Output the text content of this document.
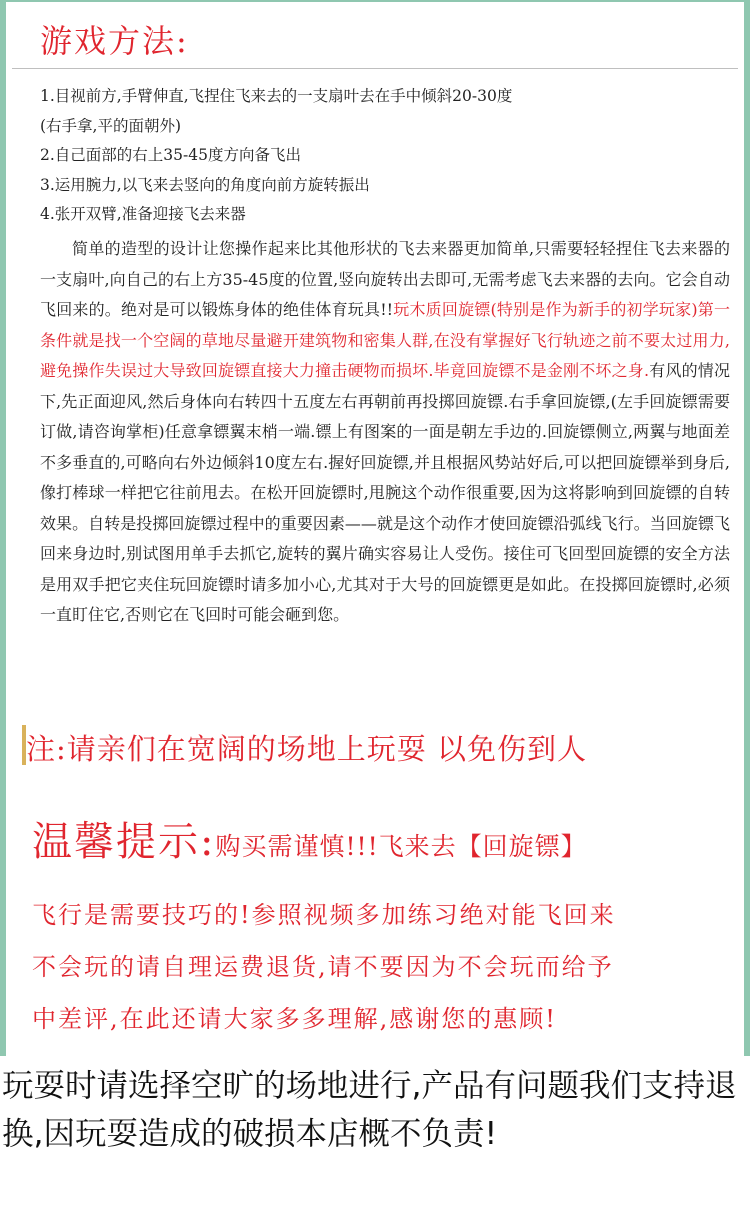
游戏方法:
1.目视前方,手臂伸直,飞捏住飞来去的一支扇叶去在手中倾斜20-30度
(右手拿,平的面朝外)
2.自己面部的右上35-45度方向备飞出
3.运用腕力,以飞来去竖向的角度向前方旋转振出
4.张开双臂,准备迎接飞去来器

简单的造型的设计让您操作起来比其他形状的飞去来器更加简单,只需要轻轻捏住飞去来器的一支扇叶,向自己的右上方35-45度的位置,竖向旋转出去即可,无需考虑飞去来器的去向。它会自动飞回来的。绝对是可以锻炼身体的绝佳体育玩具!!玩木质回旋镖(特别是作为新手的初学玩家)第一条件就是找一个空阔的草地尽量避开建筑物和密集人群,在没有掌握好飞行轨迹之前不要太过用力,避免操作失误过大导致回旋镖直接大力撞击硬物而损坏.毕竟回旋镖不是金刚不坏之身.有风的情况下,先正面迎风,然后身体向右转四十五度左右再朝前再投掷回旋镖.右手拿回旋镖,(左手回旋镖需要订做,请咨询掌柜)任意拿镖翼末梢一端.镖上有图案的一面是朝左手边的.回旋镖侧立,两翼与地面差不多垂直的,可略向右外边倾斜10度左右.握好回旋镖,并且根据风势站好后,可以把回旋镖举到身后,像打棒球一样把它往前甩去。在松开回旋镖时,甩腕这个动作很重要,因为这将影响到回旋镖的自转效果。自转是投掷回旋镖过程中的重要因素——就是这个动作才使回旋镖沿弧线飞行。当回旋镖飞回来身边时,别试图用单手去抓它,旋转的翼片确实容易让人受伤。接住可飞回型回旋镖的安全方法是用双手把它夹住玩回旋镖时请多加小心,尤其对于大号的回旋镖更是如此。在投掷回旋镖时,必须一直盯住它,否则它在飞回时可能会砸到您。

注:请亲们在宽阔的场地上玩耍 以免伤到人
温馨提示:购买需谨慎!!!飞来去【回旋镖】

飞行是需要技巧的!参照视频多加练习绝对能飞回来
不会玩的请自理运费退货,请不要因为不会玩而给予
中差评,在此还请大家多多理解,感谢您的惠顾!

玩耍时请选择空旷的场地进行,产品有问题我们支持退换,因玩耍造成的破损本店概不负责!
